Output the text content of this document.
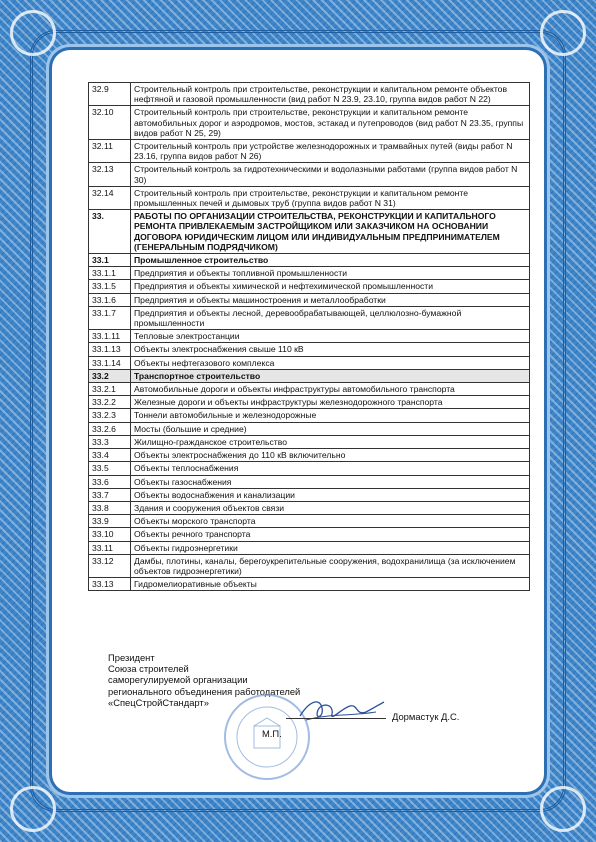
32.9	Строительный контроль при строительстве, реконструкции и капитальном ремонте объектов нефтяной и газовой промышленности (вид работ N 23.9, 23.10, группа видов работ N 22)
32.10	Строительный контроль при строительстве, реконструкции и капитальном ремонте автомобильных дорог и аэродромов, мостов, эстакад и путепроводов (вид работ N 23.35, группы видов работ N 25, 29)
32.11	Строительный контроль при устройстве железнодорожных и трамвайных путей (виды работ N 23.16, группа видов работ N 26)
32.13	Строительный контроль за гидротехническими и водолазными работами (группа видов работ N 30)
32.14	Строительный контроль при строительстве, реконструкции и капитальном ремонте промышленных печей и дымовых труб (группа видов работ N 31)
33.	РАБОТЫ ПО ОРГАНИЗАЦИИ СТРОИТЕЛЬСТВА, РЕКОНСТРУКЦИИ И КАПИТАЛЬНОГО РЕМОНТА ПРИВЛЕКАЕМЫМ ЗАСТРОЙЩИКОМ ИЛИ ЗАКАЗЧИКОМ НА ОСНОВАНИИ ДОГОВОРА ЮРИДИЧЕСКИМ ЛИЦОМ ИЛИ ИНДИВИДУАЛЬНЫМ ПРЕДПРИНИМАТЕЛЕМ (ГЕНЕРАЛЬНЫМ ПОДРЯДЧИКОМ)
33.1	Промышленное строительство
33.1.1	Предприятия и объекты топливной промышленности
33.1.5	Предприятия и объекты химической и нефтехимической промышленности
33.1.6	Предприятия и объекты машиностроения и металлообработки
33.1.7	Предприятия и объекты лесной, деревообрабатывающей, целлюлозно-бумажной промышленности
33.1.11	Тепловые электростанции
33.1.13	Объекты электроснабжения свыше 110 кВ
33.1.14	Объекты нефтегазового комплекса
33.2	Транспортное строительство
33.2.1	Автомобильные дороги и объекты инфраструктуры автомобильного транспорта
33.2.2	Железные дороги и объекты инфраструктуры железнодорожного транспорта
33.2.3	Тоннели автомобильные и железнодорожные
33.2.6	Мосты (большие и средние)
33.3	Жилищно-гражданское строительство
33.4	Объекты электроснабжения до 110 кВ включительно
33.5	Объекты теплоснабжения
33.6	Объекты газоснабжения
33.7	Объекты водоснабжения и канализации
33.8	Здания и сооружения объектов связи
33.9	Объекты морского транспорта
33.10	Объекты речного транспорта
33.11	Объекты гидроэнергетики
33.12	Дамбы, плотины, каналы, берегоукрепительные сооружения, водохранилища (за исключением объектов гидроэнергетики)
33.13	Гидромелиоративные объекты
Президент
Союза строителей
саморегулируемой организации
регионального объединения работодателей
«СпецСтройСтандарт»
М.П.
Дормастук Д.С.
